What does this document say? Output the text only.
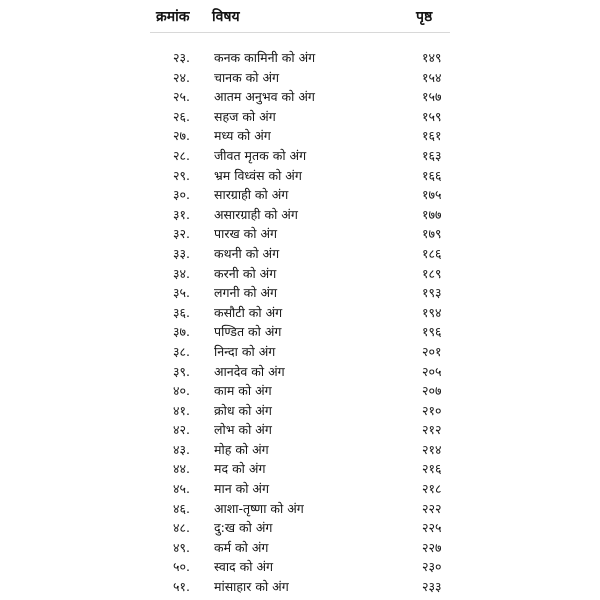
क्रमांक विषय	पृष्ठ
२३. कनक कामिनी को अंग	१४९
२४. चानक को अंग	१५४
२५. आतम अनुभव को अंग	१५७
२६. सहज को अंग	१५९
२७. मध्य को अंग	१६१
२८. जीवत मृतक को अंग	१६३
२९. भ्रम विध्वंस को अंग	१६६
३०. सारग्राही को अंग	१७५
३१. असारग्राही को अंग	१७७
३२. पारख को अंग	१७९
३३. कथनी को अंग	१८६
३४. करनी को अंग	१८९
३५. लगनी को अंग	१९३
३६. कसौटी को अंग	१९४
३७. पण्डित को अंग	१९६
३८. निन्दा को अंग	२०१
३९. आनदेव को अंग	२०५
४०. काम को अंग	२०७
४१. क्रोध को अंग	२१०
४२. लोभ को अंग	२१२
४३. मोह को अंग	२१४
४४. मद को अंग	२१६
४५. मान को अंग	२१८
४६. आशा-तृष्णा को अंग	२२२
४८. दु:ख को अंग	२२५
४९. कर्म को अंग	२२७
५०. स्वाद को अंग	२३०
५१. मांसाहार को अंग	२३३
